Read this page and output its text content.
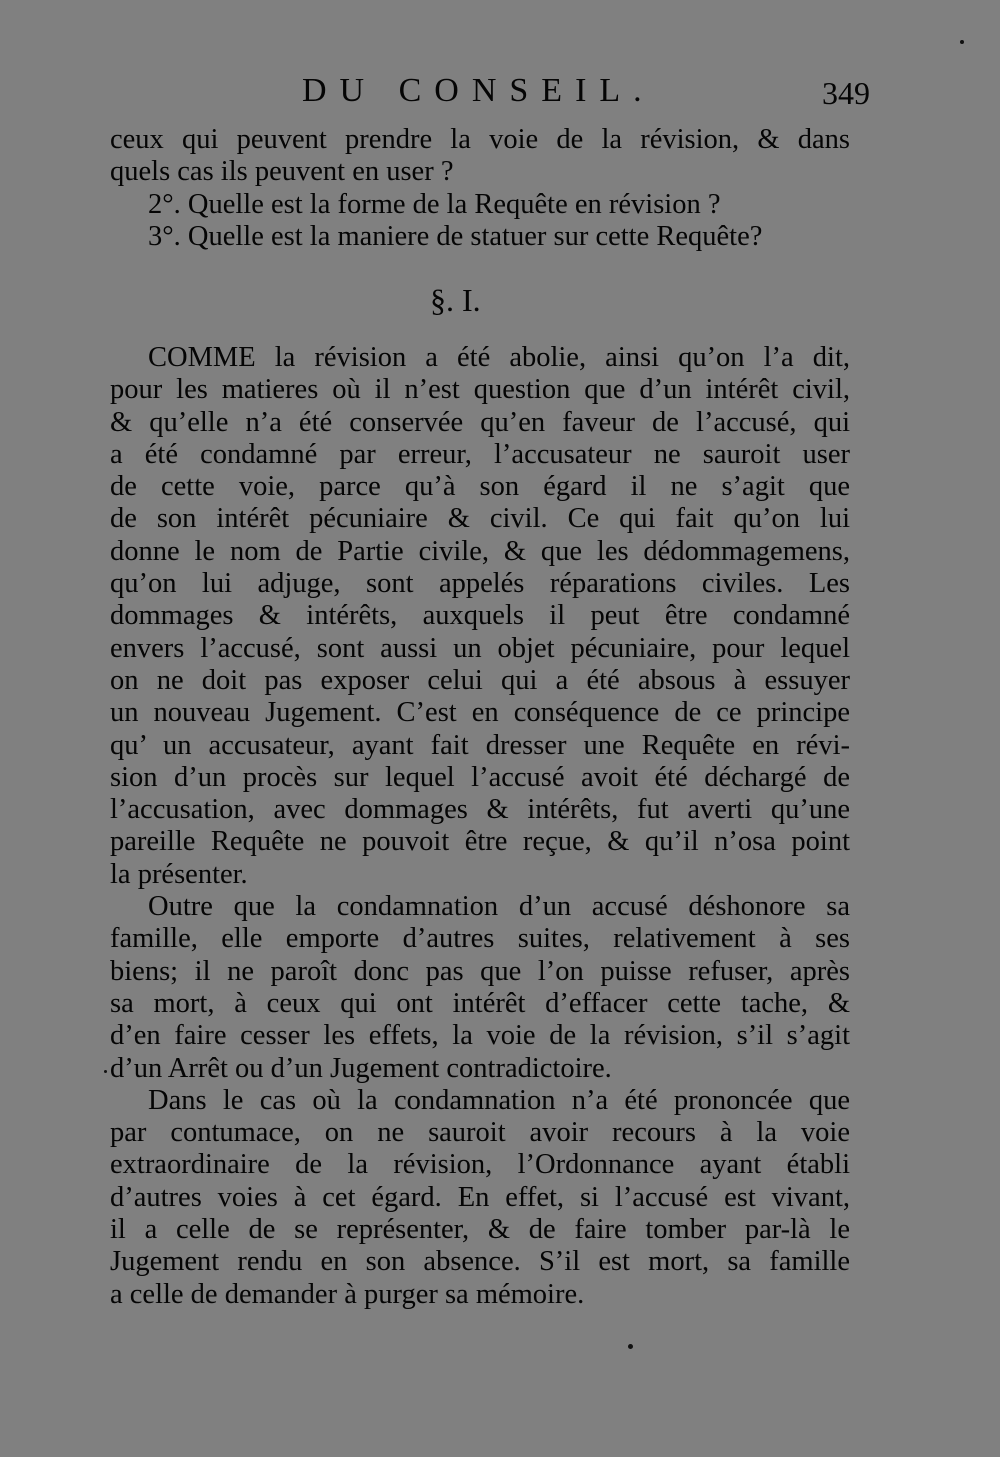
DU CONSEIL.	349
ceux qui peuvent prendre la voie de la révision, & dans
quels cas ils peuvent en user ?
2°. Quelle est la forme de la Requête en révision ?
3°. Quelle est la maniere de statuer sur cette Requête?
§. I.
COMME la révision a été abolie, ainsi qu’on l’a dit,
pour les matieres où il n’est question que d’un intérêt civil,
& qu’elle n’a été conservée qu’en faveur de l’accusé, qui
a été condamné par erreur, l’accusateur ne sauroit user
de cette voie, parce qu’à son égard il ne s’agit que
de son intérêt pécuniaire & civil. Ce qui fait qu’on lui
donne le nom de Partie civile, & que les dédommagemens,
qu’on lui adjuge, sont appelés réparations civiles. Les
dommages & intérêts, auxquels il peut être condamné
envers l’accusé, sont aussi un objet pécuniaire, pour lequel
on ne doit pas exposer celui qui a été absous à essuyer
un nouveau Jugement. C’est en conséquence de ce principe
qu’ un accusateur, ayant fait dresser une Requête en révi-
sion d’un procès sur lequel l’accusé avoit été déchargé de
l’accusation, avec dommages & intérêts, fut averti qu’une
pareille Requête ne pouvoit être reçue, & qu’il n’osa point
la présenter.
Outre que la condamnation d’un accusé déshonore sa
famille, elle emporte d’autres suites, relativement à ses
biens; il ne paroît donc pas que l’on puisse refuser, après
sa mort, à ceux qui ont intérêt d’effacer cette tache, &
d’en faire cesser les effets, la voie de la révision, s’il s’agit
d’un Arrêt ou d’un Jugement contradictoire.
Dans le cas où la condamnation n’a été prononcée que
par contumace, on ne sauroit avoir recours à la voie
extraordinaire de la révision, l’Ordonnance ayant établi
d’autres voies à cet égard. En effet, si l’accusé est vivant,
il a celle de se représenter, & de faire tomber par-là le
Jugement rendu en son absence. S’il est mort, sa famille
a celle de demander à purger sa mémoire.
